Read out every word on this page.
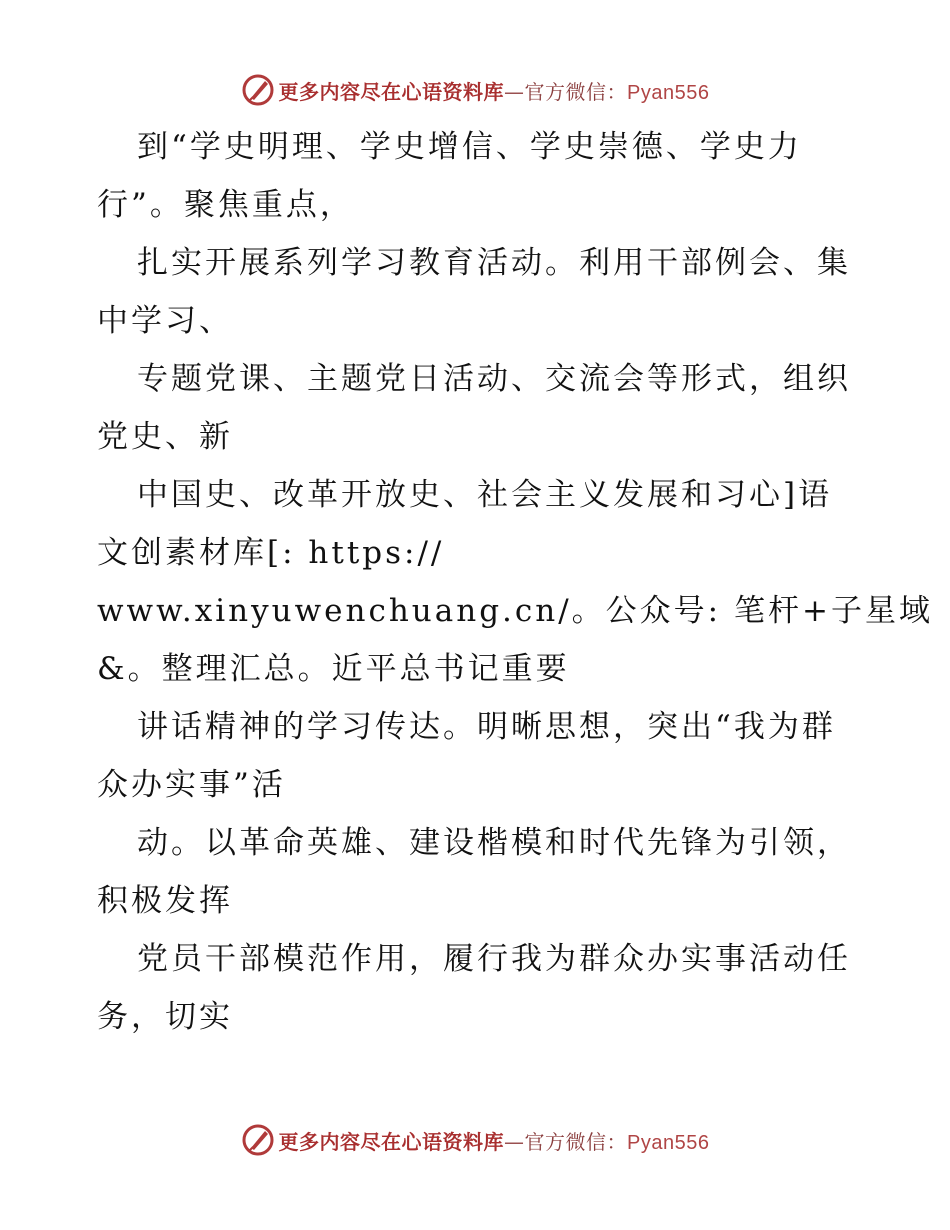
更多内容尽在心语资料库—官方微信：Pyan556
到“学史明理、学史增信、学史崇德、学史力
行”。聚焦重点，
扎实开展系列学习教育活动。利用干部例会、集
中学习、
专题党课、主题党日活动、交流会等形式，组织
党史、新
中国史、改革开放史、社会主义发展和习心]语
文创素材库[: https://
www.xinyuwenchuang.cn/。公众号: 笔杆+子星域
&。整理汇总。近平总书记重要
讲话精神的学习传达。明晰思想，突出“我为群
众办实事”活
动。以革命英雄、建设楷模和时代先锋为引领，
积极发挥
党员干部模范作用，履行我为群众办实事活动任
务，切实
更多内容尽在心语资料库—官方微信：Pyan556
